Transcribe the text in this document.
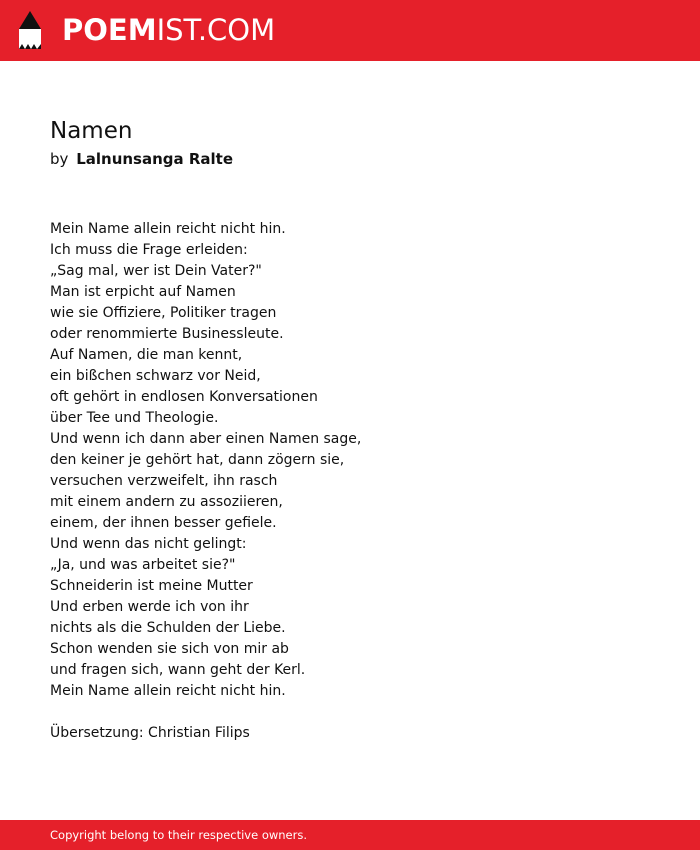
POEMIST.COM
Namen
by Lalnunsanga Ralte
Mein Name allein reicht nicht hin.
Ich muss die Frage erleiden:
„Sag mal, wer ist Dein Vater?"
Man ist erpicht auf Namen
wie sie Offiziere, Politiker tragen
oder renommierte Businessleute.
Auf Namen, die man kennt,
ein bißchen schwarz vor Neid,
oft gehört in endlosen Konversationen
über Tee und Theologie.
Und wenn ich dann aber einen Namen sage,
den keiner je gehört hat, dann zögern sie,
versuchen verzweifelt, ihn rasch
mit einem andern zu assoziieren,
einem, der ihnen besser gefiele.
Und wenn das nicht gelingt:
„Ja, und was arbeitet sie?"
Schneiderin ist meine Mutter
Und erben werde ich von ihr
nichts als die Schulden der Liebe.
Schon wenden sie sich von mir ab
und fragen sich, wann geht der Kerl.
Mein Name allein reicht nicht hin.
Übersetzung: Christian Filips
Copyright belong to their respective owners.
